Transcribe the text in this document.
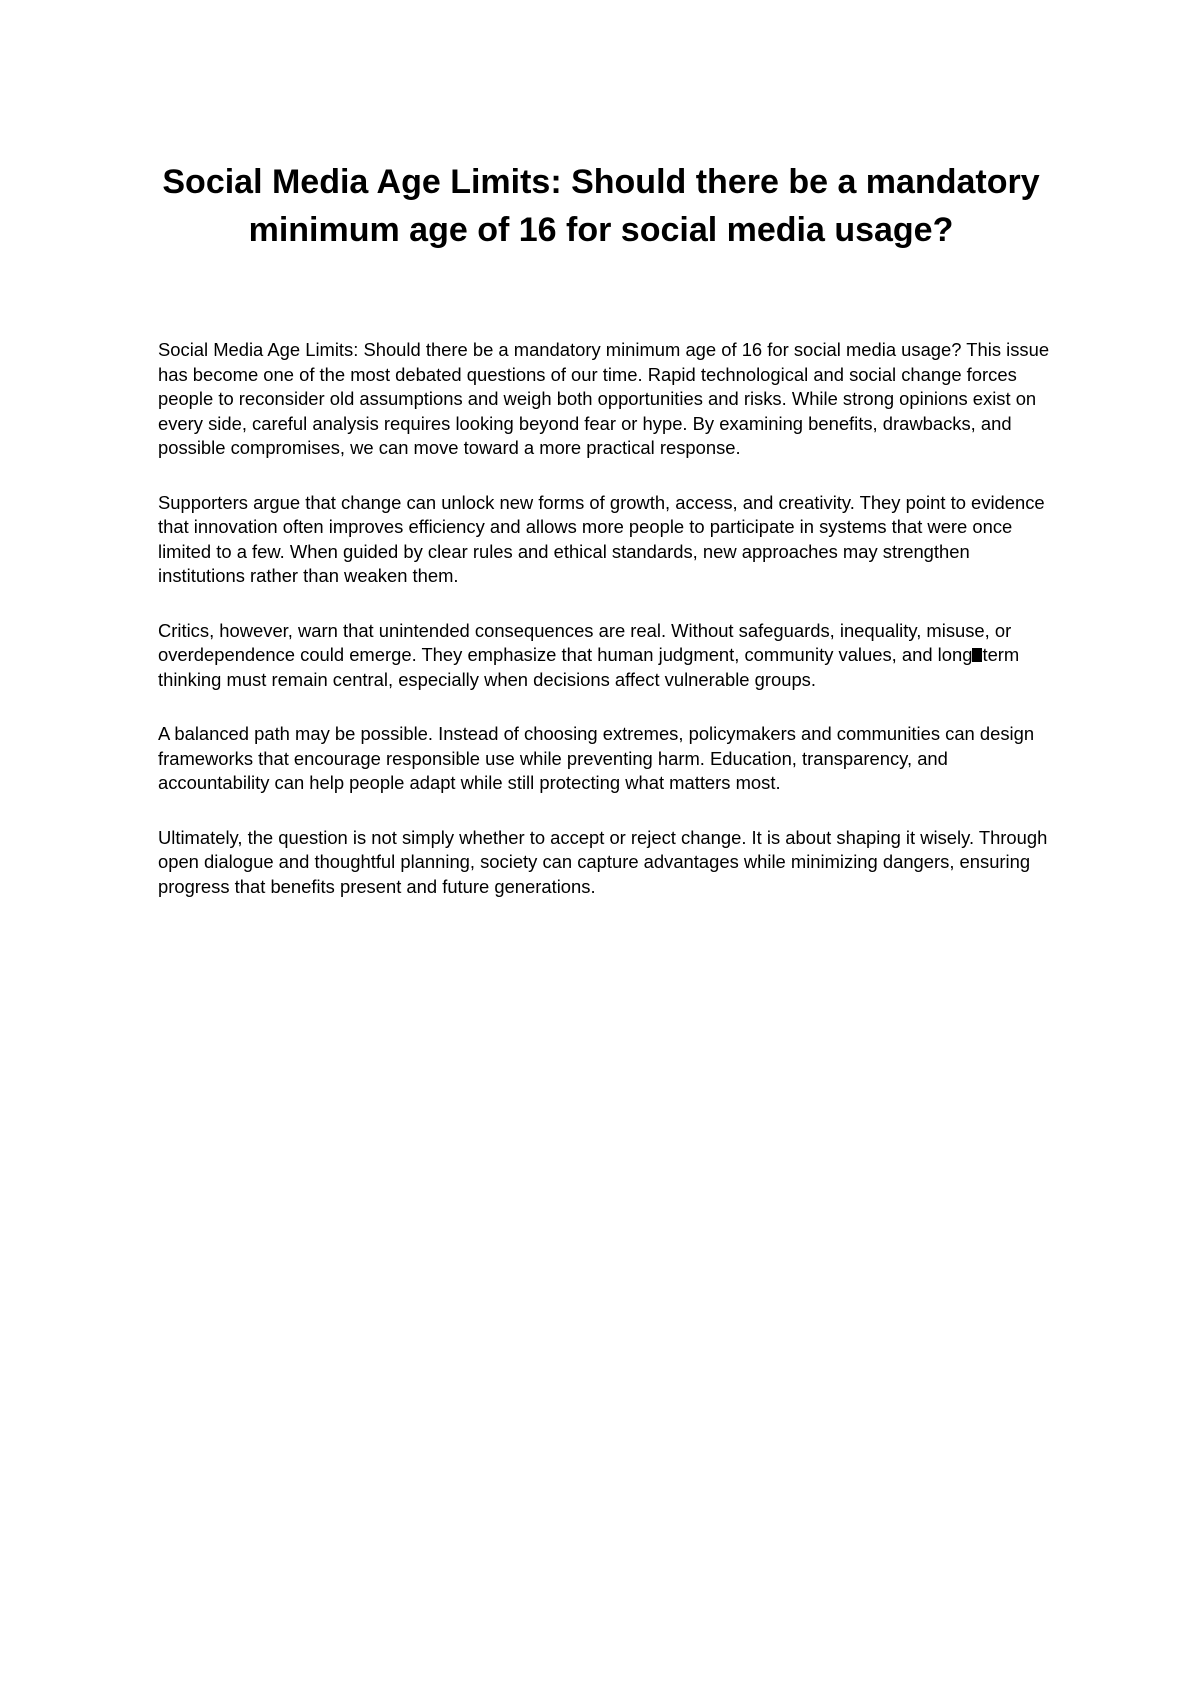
Social Media Age Limits: Should there be a mandatory minimum age of 16 for social media usage?

Social Media Age Limits: Should there be a mandatory minimum age of 16 for social media usage? This issue has become one of the most debated questions of our time. Rapid technological and social change forces people to reconsider old assumptions and weigh both opportunities and risks. While strong opinions exist on every side, careful analysis requires looking beyond fear or hype. By examining benefits, drawbacks, and possible compromises, we can move toward a more practical response.

Supporters argue that change can unlock new forms of growth, access, and creativity. They point to evidence that innovation often improves efficiency and allows more people to participate in systems that were once limited to a few. When guided by clear rules and ethical standards, new approaches may strengthen institutions rather than weaken them.

Critics, however, warn that unintended consequences are real. Without safeguards, inequality, misuse, or overdependence could emerge. They emphasize that human judgment, community values, and long term thinking must remain central, especially when decisions affect vulnerable groups.

A balanced path may be possible. Instead of choosing extremes, policymakers and communities can design frameworks that encourage responsible use while preventing harm. Education, transparency, and accountability can help people adapt while still protecting what matters most.

Ultimately, the question is not simply whether to accept or reject change. It is about shaping it wisely. Through open dialogue and thoughtful planning, society can capture advantages while minimizing dangers, ensuring progress that benefits present and future generations.
